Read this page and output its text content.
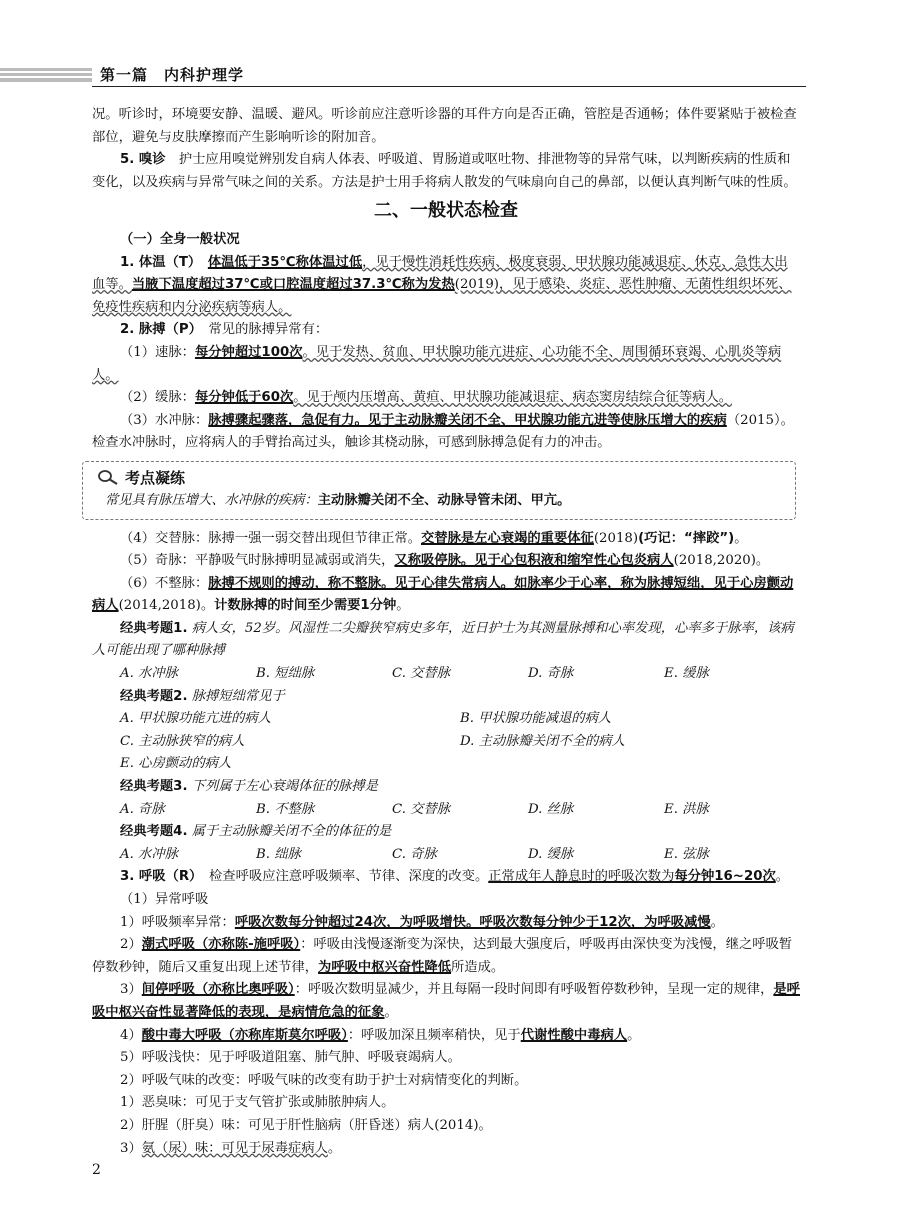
第一篇　内科护理学

况。听诊时，环境要安静、温暖、避风。听诊前应注意听诊器的耳件方向是否正确，管腔是否通畅；体件要紧贴于被检查部位，避免与皮肤摩擦而产生影响听诊的附加音。

5. 嗅诊　护士应用嗅觉辨别发自病人体表、呼吸道、胃肠道或呕吐物、排泄物等的异常气味，以判断疾病的性质和变化，以及疾病与异常气味之间的关系。方法是护士用手将病人散发的气味扇向自己的鼻部，以便认真判断气味的性质。

二、一般状态检查

（一）全身一般状况

1. 体温（T）　 体温低于35℃称体温过低，见于慢性消耗性疾病、极度衰弱、甲状腺功能减退症、休克、急性大出血等。当腋下温度超过37℃或口腔温度超过37.3℃称为发热(2019)，见于感染、炎症、恶性肿瘤、无菌性组织坏死、免疫性疾病和内分泌疾病等病人。

2. 脉搏（P）　常见的脉搏异常有：

（1）速脉：每分钟超过100次。见于发热、贫血、甲状腺功能亢进症、心功能不全、周围循环衰竭、心肌炎等病人。

（2）缓脉：每分钟低于60次。见于颅内压增高、黄疸、甲状腺功能减退症、病态窦房结综合征等病人。

（3）水冲脉：脉搏骤起骤落，急促有力。见于主动脉瓣关闭不全、甲状腺功能亢进等使脉压增大的疾病（2015）。检查水冲脉时，应将病人的手臂抬高过头，触诊其桡动脉，可感到脉搏急促有力的冲击。

考点凝练

常见具有脉压增大、水冲脉的疾病：主动脉瓣关闭不全、动脉导管未闭、甲亢。

（4）交替脉：脉搏一强一弱交替出现但节律正常。交替脉是左心衰竭的重要体征(2018)(巧记：“摔跤”)。

（5）奇脉：平静吸气时脉搏明显减弱或消失，又称吸停脉。见于心包积液和缩窄性心包炎病人(2018,2020)。

（6）不整脉：脉搏不规则的搏动，称不整脉。见于心律失常病人。如脉率少于心率，称为脉搏短绌，见于心房颤动病人(2014,2018)。计数脉搏的时间至少需要1分钟。

经典考题1. 病人女，52岁。风湿性二尖瓣狭窄病史多年，近日护士为其测量脉搏和心率发现，心率多于脉率，该病人可能出现了哪种脉搏

A. 水冲脉	B. 短绌脉	C. 交替脉	D. 奇脉	E. 缓脉

经典考题2. 脉搏短绌常见于

A. 甲状腺功能亢进的病人	B. 甲状腺功能减退的病人
C. 主动脉狭窄的病人	D. 主动脉瓣关闭不全的病人
E. 心房颤动的病人

经典考题3. 下列属于左心衰竭体征的脉搏是

A. 奇脉	B. 不整脉	C. 交替脉	D. 丝脉	E. 洪脉

经典考题4. 属于主动脉瓣关闭不全的体征的是

A. 水冲脉	B. 绌脉	C. 奇脉	D. 缓脉	E. 弦脉

3. 呼吸（R）　检查呼吸应注意呼吸频率、节律、深度的改变。正常成年人静息时的呼吸次数为每分钟16~20次。

（1）异常呼吸

1）呼吸频率异常：呼吸次数每分钟超过24次，为呼吸增快。呼吸次数每分钟少于12次，为呼吸减慢。

2）潮式呼吸（亦称陈-施呼吸）：呼吸由浅慢逐渐变为深快，达到最大强度后，呼吸再由深快变为浅慢，继之呼吸暂停数秒钟，随后又重复出现上述节律，为呼吸中枢兴奋性降低所造成。

3）间停呼吸（亦称比奥呼吸）：呼吸次数明显减少，并且每隔一段时间即有呼吸暂停数秒钟，呈现一定的规律，是呼吸中枢兴奋性显著降低的表现，是病情危急的征象。

4）酸中毒大呼吸（亦称库斯莫尔呼吸）：呼吸加深且频率稍快，见于代谢性酸中毒病人。

5）呼吸浅快：见于呼吸道阻塞、肺气肿、呼吸衰竭病人。

2）呼吸气味的改变：呼吸气味的改变有助于护士对病情变化的判断。

1）恶臭味：可见于支气管扩张或肺脓肿病人。

2）肝腥（肝臭）味：可见于肝性脑病（肝昏迷）病人(2014)。

3）氨（尿）味：可见于尿毒症病人。

2
